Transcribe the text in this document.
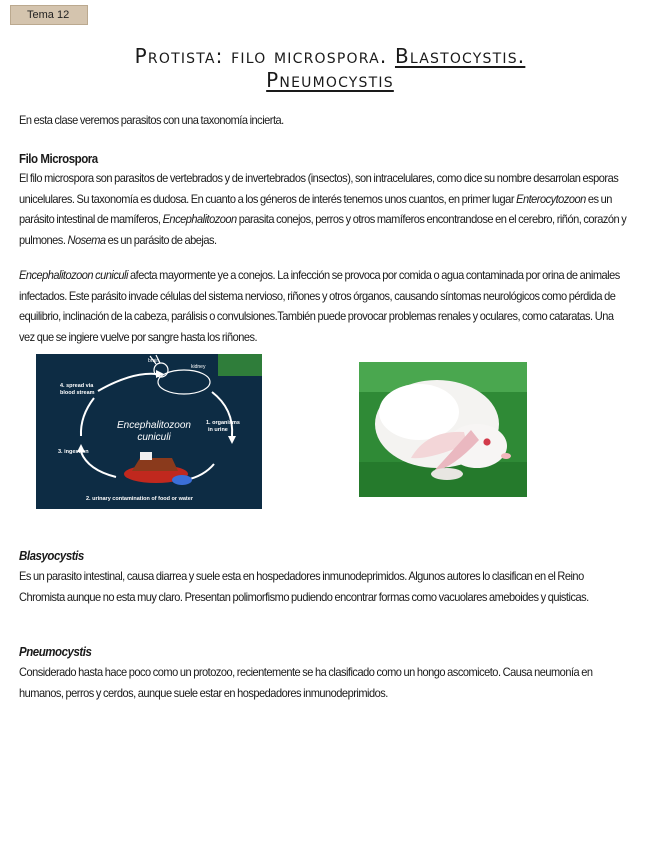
Tema 12
Protista: filo microspora. Blastocystis. Pneumocystis

En esta clase veremos parasitos con una taxonomía incierta.

Filo Microspora

El filo microspora son parasitos de vertebrados y de invertebrados (insectos), son intracelulares, como dice su nombre desarrolan esporas unicelulares. Su taxonomía es dudosa. En cuanto a los géneros de interés tenemos unos cuantos, en primer lugar Enterocytozoon es un parásito intestinal de mamíferos, Encephalitozoon parasita conejos, perros y otros mamíferos encontrandose en el cerebro, riñón, corazón y pulmones. Nosema es un parásito de abejas.

Encephalitozoon cuniculi afecta mayormente ye a conejos. La infección se provoca por comida o agua contaminada por orina de animales infectados. Este parásito invade células del sistema nervioso, riñones y otros órganos, causando síntomas neurológicos como pérdida de equilibrio, inclinación de la cabeza, parálisis o convulsiones.También puede provocar problemas renales y oculares, como cataratas. Una vez que se ingiere vuelve por sangre hasta los riñones.

brain
kidney
Encephalitozoon
cuniculi
4. spread via
blood stream
1. organisms
in urine
3. ingestion
2. urinary contamination of food or water
Blasyocystis

Es un parasito intestinal, causa diarrea y suele esta en hospedadores inmunodeprimidos. Algunos autores lo clasifican en el Reino Chromista aunque no esta muy claro. Presentan polimorfismo pudiendo encontrar formas como vacuolares ameboides y quisticas.

Pneumocystis

Considerado hasta hace poco como un protozoo, recientemente se ha clasificado como un hongo ascomiceto. Causa neumonía en humanos, perros y cerdos, aunque suele estar en hospedadores inmunodeprimidos.
